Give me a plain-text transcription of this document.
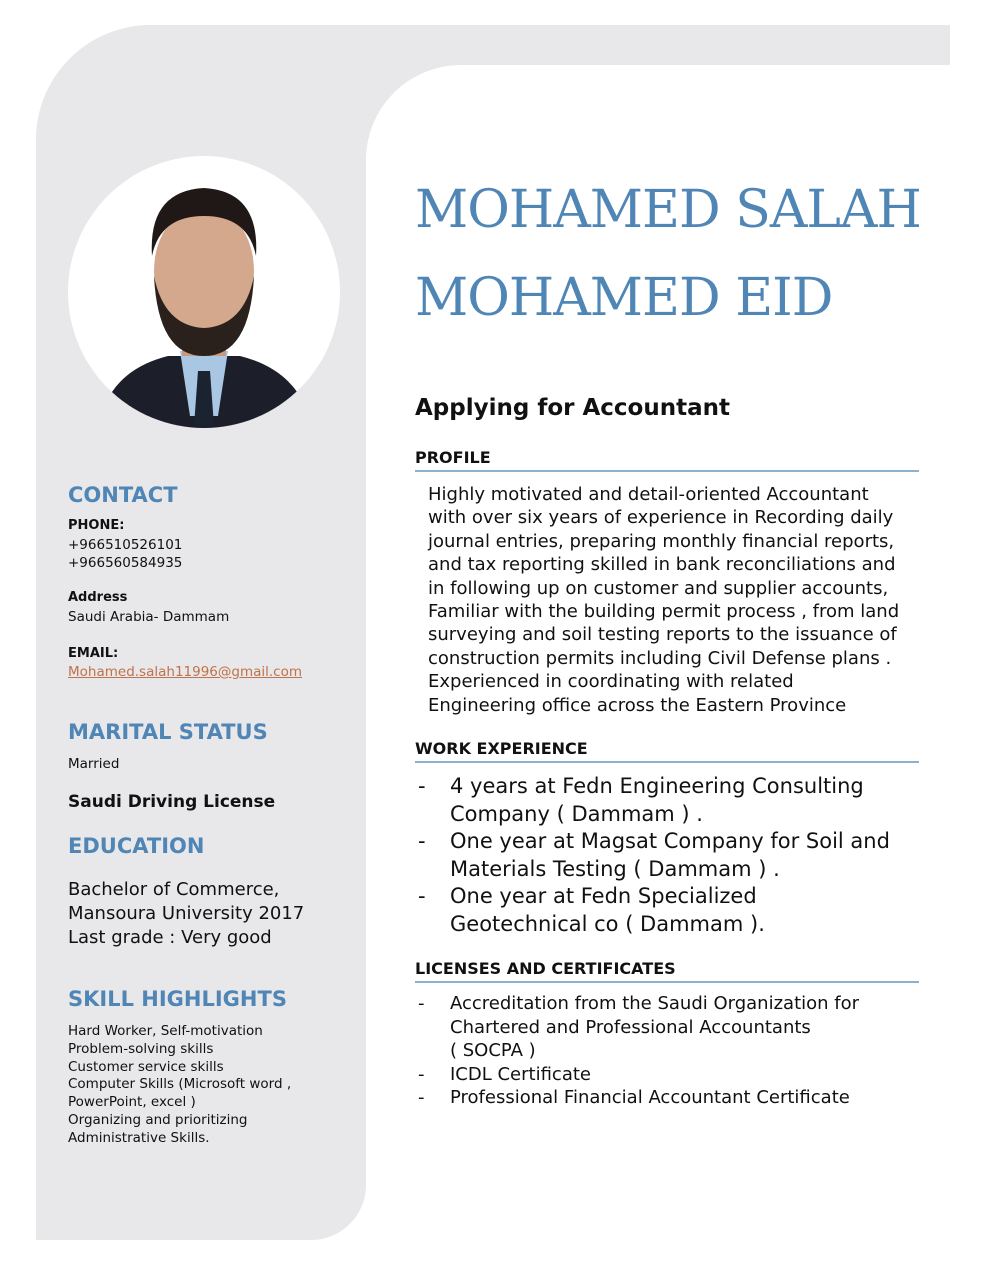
CONTACT
PHONE:
+966510526101
+966560584935
Address
Saudi Arabia- Dammam
EMAIL:
Mohamed.salah11996@gmail.com
MARITAL STATUS
Married
Saudi Driving License
EDUCATION
Bachelor of Commerce,
Mansoura University 2017
Last grade : Very good
SKILL HIGHLIGHTS
Hard Worker, Self-motivation
Problem-solving skills
Customer service skills
Computer Skills (Microsoft word ,
PowerPoint, excel )
Organizing and prioritizing
Administrative Skills.
MOHAMED SALAH
MOHAMED EID
Applying for Accountant
PROFILE
Highly motivated and detail-oriented Accountant
with over six years of experience in Recording daily
journal entries, preparing monthly financial reports,
and tax reporting skilled in bank reconciliations and
in following up on customer and supplier accounts,
Familiar with the building permit process , from land
surveying and soil testing reports to the issuance of
construction permits including Civil Defense plans .
Experienced in coordinating with related
Engineering office across the Eastern Province
WORK EXPERIENCE
- 4 years at Fedn Engineering Consulting
Company ( Dammam ) .
- One year at Magsat Company for Soil and
Materials Testing ( Dammam ) .
- One year at Fedn Specialized
Geotechnical co ( Dammam ).
LICENSES AND CERTIFICATES
- Accreditation from the Saudi Organization for
Chartered and Professional Accountants
( SOCPA )
- ICDL Certificate
- Professional Financial Accountant Certificate
